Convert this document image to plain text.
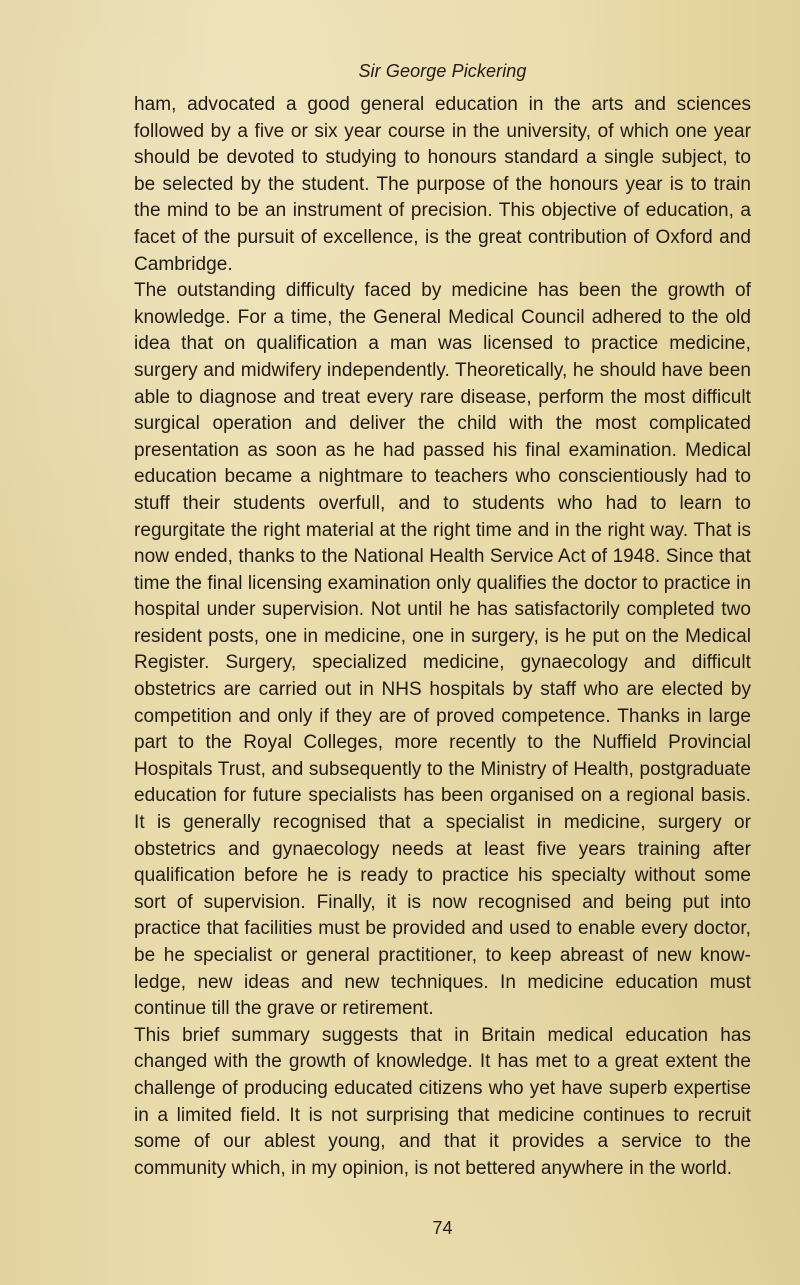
Sir George Pickering

ham, advocated a good general education in the arts and sciences followed by a five or six year course in the university, of which one year should be devoted to studying to honours standard a single subject, to be selected by the student. The purpose of the honours year is to train the mind to be an instrument of precision. This objective of education, a facet of the pursuit of excellence, is the great contribution of Oxford and Cambridge.

The outstanding difficulty faced by medicine has been the growth of knowledge. For a time, the General Medical Council adhered to the old idea that on qualification a man was licensed to practice medicine, surgery and midwifery independently. Theoretically, he should have been able to diagnose and treat every rare disease, perform the most difficult surgical operation and deliver the child with the most complicated presentation as soon as he had passed his final examination. Medical education became a nightmare to teachers who conscientiously had to stuff their students overfull, and to students who had to learn to regurgitate the right material at the right time and in the right way. That is now ended, thanks to the National Health Service Act of 1948. Since that time the final licensing examination only qualifies the doctor to practice in hospital under supervision. Not until he has satisfactorily completed two resident posts, one in medicine, one in surgery, is he put on the Medical Register. Surgery, specialized medicine, gynaecology and difficult obstetrics are carried out in NHS hospitals by staff who are elected by competition and only if they are of proved competence. Thanks in large part to the Royal Colleges, more recently to the Nuffield Provincial Hospitals Trust, and subsequently to the Ministry of Health, postgraduate education for future specialists has been organised on a regional basis. It is generally recognised that a specialist in medicine, surgery or obstetrics and gynaecology needs at least five years training after qualification before he is ready to practice his specialty without some sort of supervision. Finally, it is now recognised and being put into practice that facilities must be provided and used to enable every doctor, be he specialist or general practitioner, to keep abreast of new know-ledge, new ideas and new techniques. In medicine education must continue till the grave or retirement.

This brief summary suggests that in Britain medical education has changed with the growth of knowledge. It has met to a great extent the challenge of producing educated citizens who yet have superb expertise in a limited field. It is not surprising that medicine continues to recruit some of our ablest young, and that it provides a service to the community which, in my opinion, is not bettered anywhere in the world.

74
